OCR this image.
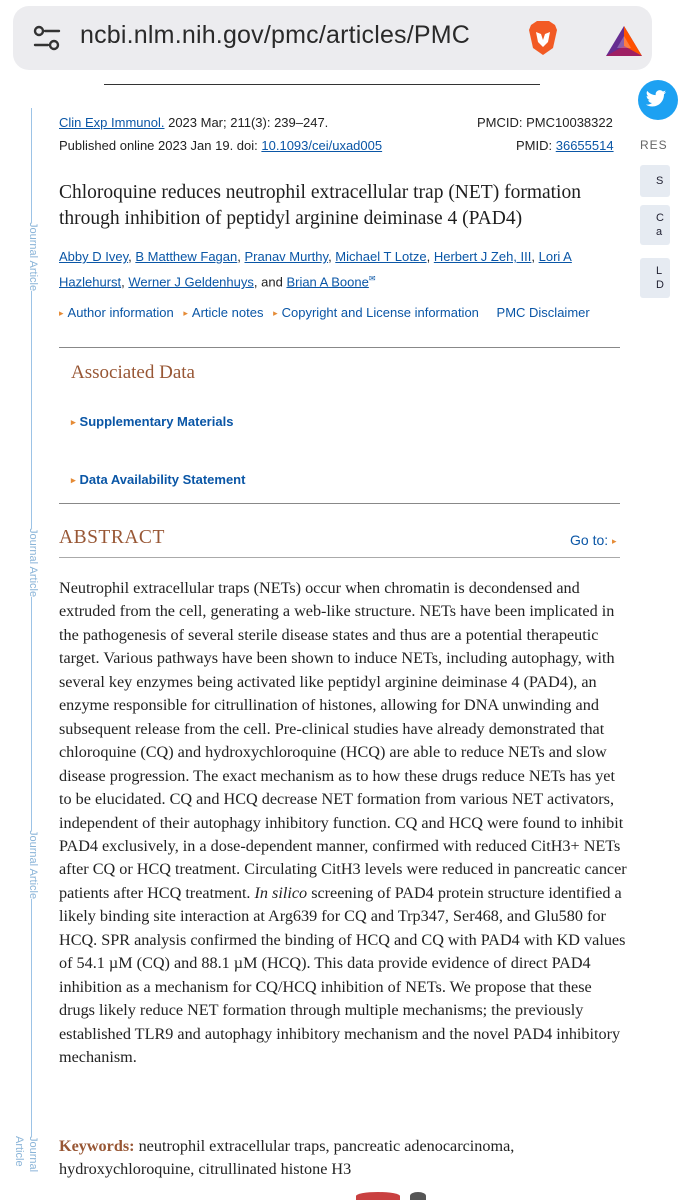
ncbi.nlm.nih.gov/pmc/articles/PMC
Journal Article
Journal Article
Journal Article
Journal Article
Clin Exp Immunol. 2023 Mar; 211(3): 239–247.
Published online 2023 Jan 19. doi: 10.1093/cei/uxad005
PMCID: PMC10038322
PMID: 36655514
Chloroquine reduces neutrophil extracellular trap (NET) formation through inhibition of peptidyl arginine deiminase 4 (PAD4)
Abby D Ivey, B Matthew Fagan, Pranav Murthy, Michael T Lotze, Herbert J Zeh, III, Lori A Hazlehurst, Werner J Geldenhuys, and Brian A Boone✉
▸ Author information ▸ Article notes ▸ Copyright and License information PMC Disclaimer
Associated Data
▸ Supplementary Materials
▸ Data Availability Statement
ABSTRACT	Go to: ▸
Neutrophil extracellular traps (NETs) occur when chromatin is decondensed and extruded from the cell, generating a web-like structure. NETs have been implicated in the pathogenesis of several sterile disease states and thus are a potential therapeutic target. Various pathways have been shown to induce NETs, including autophagy, with several key enzymes being activated like peptidyl arginine deiminase 4 (PAD4), an enzyme responsible for citrullination of histones, allowing for DNA unwinding and subsequent release from the cell. Pre-clinical studies have already demonstrated that chloroquine (CQ) and hydroxychloroquine (HCQ) are able to reduce NETs and slow disease progression. The exact mechanism as to how these drugs reduce NETs has yet to be elucidated. CQ and HCQ decrease NET formation from various NET activators, independent of their autophagy inhibitory function. CQ and HCQ were found to inhibit PAD4 exclusively, in a dose-dependent manner, confirmed with reduced CitH3+ NETs after CQ or HCQ treatment. Circulating CitH3 levels were reduced in pancreatic cancer patients after HCQ treatment. In silico screening of PAD4 protein structure identified a likely binding site interaction at Arg639 for CQ and Trp347, Ser468, and Glu580 for HCQ. SPR analysis confirmed the binding of HCQ and CQ with PAD4 with KD values of 54.1 µM (CQ) and 88.1 µM (HCQ). This data provide evidence of direct PAD4 inhibition as a mechanism for CQ/HCQ inhibition of NETs. We propose that these drugs likely reduce NET formation through multiple mechanisms; the previously established TLR9 and autophagy inhibitory mechanism and the novel PAD4 inhibitory mechanism.
Keywords: neutrophil extracellular traps, pancreatic adenocarcinoma, hydroxychloroquine, citrullinated histone H3
RES
S
C a
L D
